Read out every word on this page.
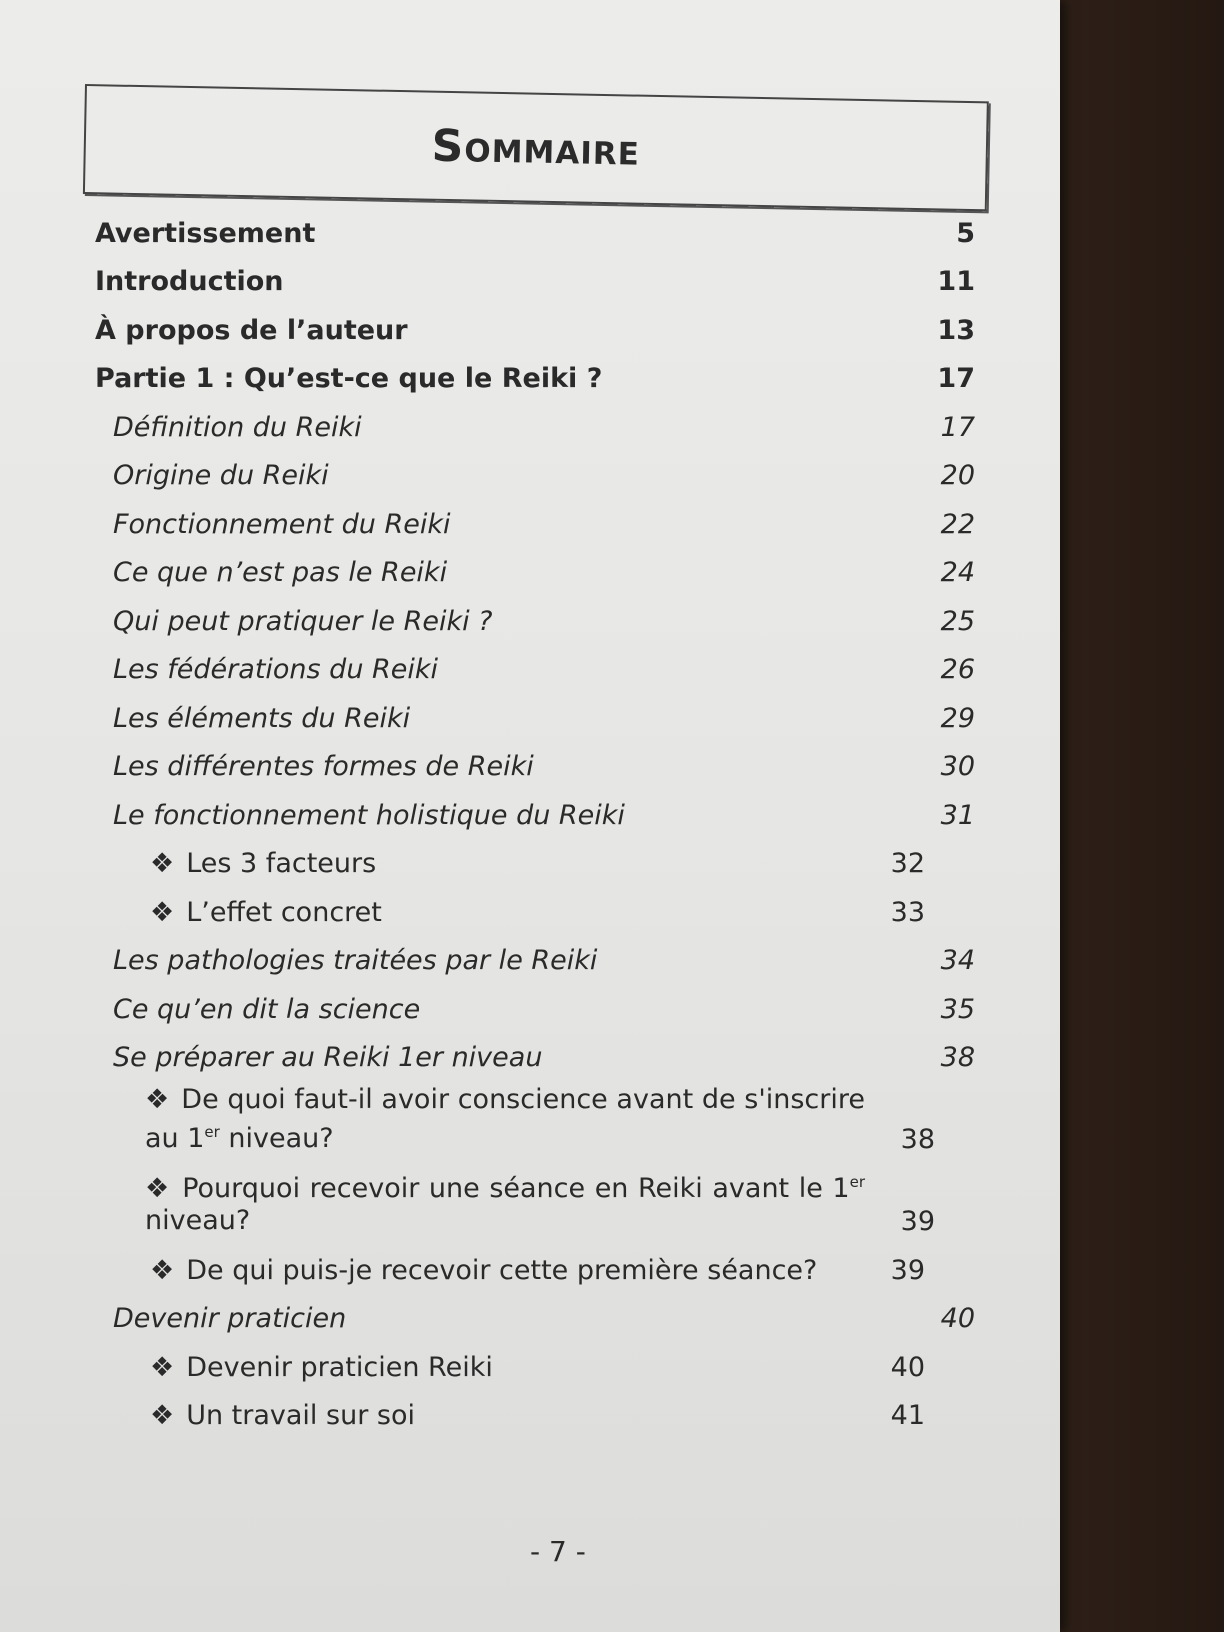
Sommaire
Avertissement	5
Introduction	11
À propos de l’auteur	13
Partie 1 : Qu’est-ce que le Reiki ?	17
Définition du Reiki	17
Origine du Reiki	20
Fonctionnement du Reiki	22
Ce que n’est pas le Reiki	24
Qui peut pratiquer le Reiki ?	25
Les fédérations du Reiki	26
Les éléments du Reiki	29
Les différentes formes de Reiki	30
Le fonctionnement holistique du Reiki	31
❖ Les 3 facteurs	32
❖ L’effet concret	33
Les pathologies traitées par le Reiki	34
Ce qu’en dit la science	35
Se préparer au Reiki 1er niveau	38
❖ De quoi faut-il avoir conscience avant de s'inscrire au 1er niveau?	38
❖ Pourquoi recevoir une séance en Reiki avant le 1er niveau?	39
❖ De qui puis-je recevoir cette première séance?	39
Devenir praticien	40
❖ Devenir praticien Reiki	40
❖ Un travail sur soi	41
- 7 -
